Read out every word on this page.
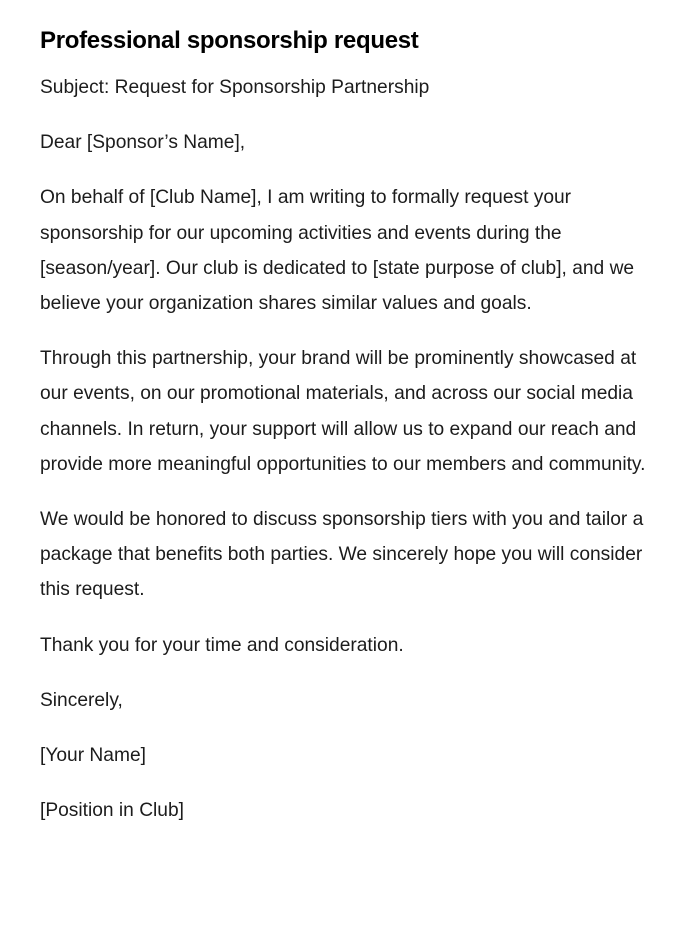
Professional sponsorship request

Subject: Request for Sponsorship Partnership

Dear [Sponsor’s Name],

On behalf of [Club Name], I am writing to formally request your sponsorship for our upcoming activities and events during the [season/year]. Our club is dedicated to [state purpose of club], and we believe your organization shares similar values and goals.

Through this partnership, your brand will be prominently showcased at our events, on our promotional materials, and across our social media channels. In return, your support will allow us to expand our reach and provide more meaningful opportunities to our members and community.

We would be honored to discuss sponsorship tiers with you and tailor a package that benefits both parties. We sincerely hope you will consider this request.

Thank you for your time and consideration.

Sincerely,

[Your Name]

[Position in Club]
